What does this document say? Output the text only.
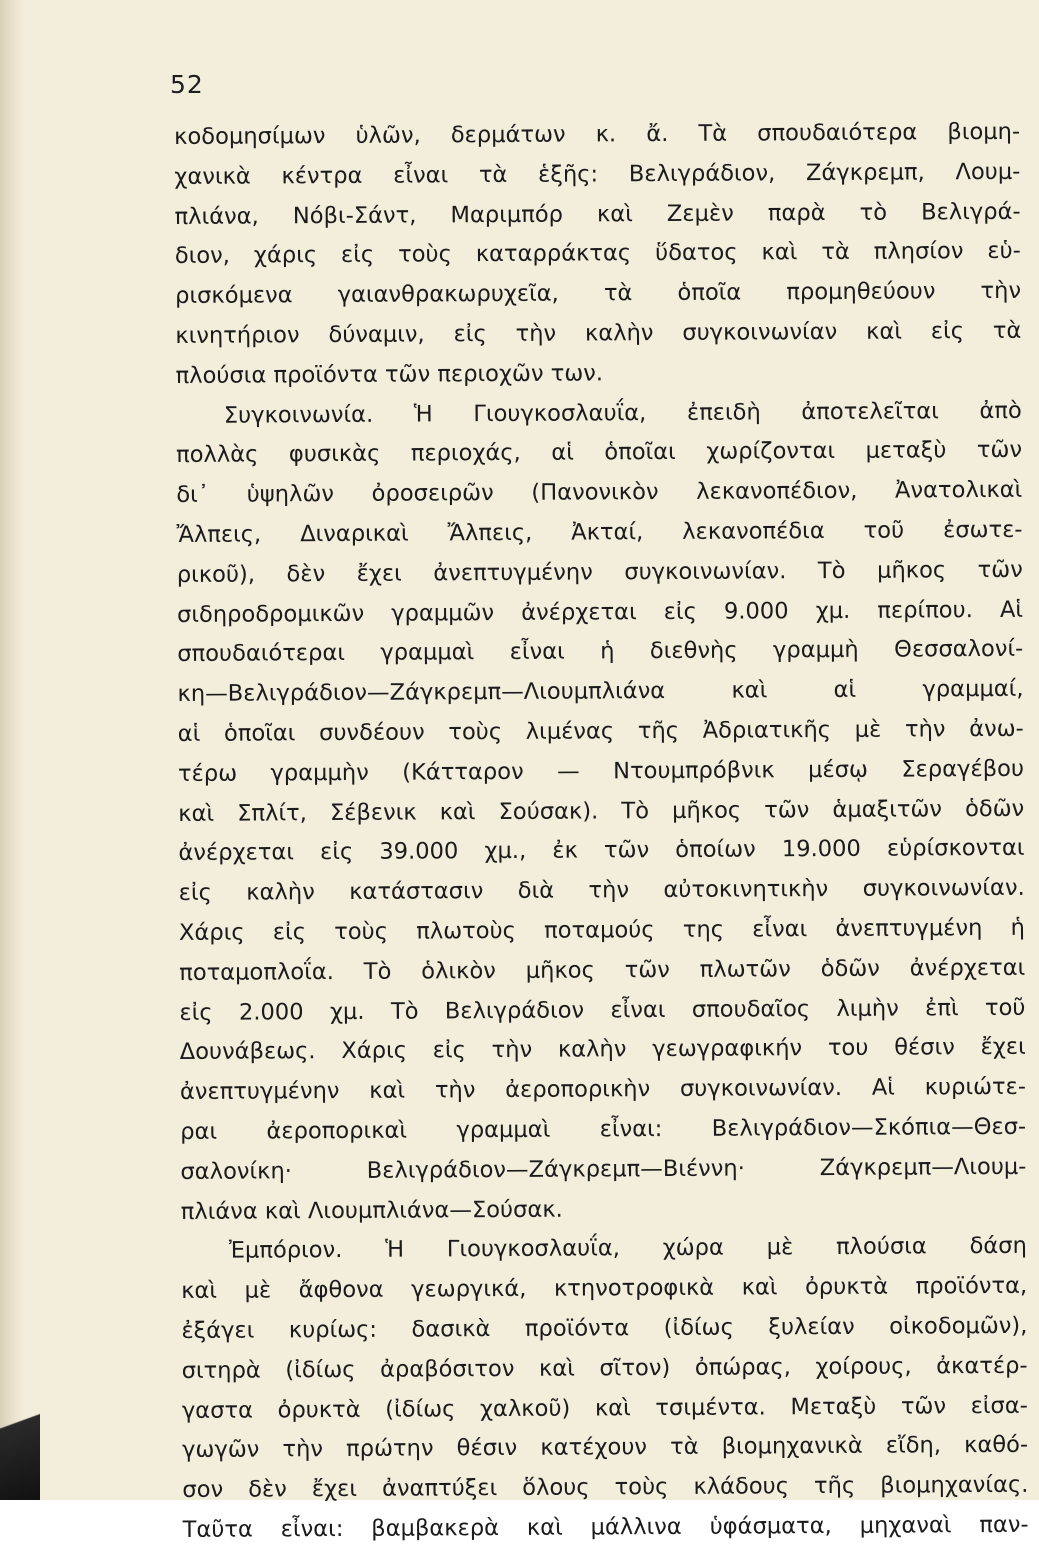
52
κοδομησίμων ὑλῶν, δερμάτων κ. ἄ. Τὰ σπουδαιότερα βιομη-
χανικὰ κέντρα εἶναι τὰ ἑξῆς: Βελιγράδιον, Ζάγκρεμπ, Λουμ-
πλιάνα, Νόβι-Σάντ, Μαριμπόρ καὶ Ζεμὲν παρὰ τὸ Βελιγρά-
διον, χάρις εἰς τοὺς καταρράκτας ὕδατος καὶ τὰ πλησίον εὑ-
ρισκόμενα γαιανθρακωρυχεῖα, τὰ ὁποῖα προμηθεύουν τὴν
κινητήριον δύναμιν, εἰς τὴν καλὴν συγκοινωνίαν καὶ εἰς τὰ
πλούσια προϊόντα τῶν περιοχῶν των.
Συγκοινωνία. Ἡ Γιουγκοσλαυΐα, ἐπειδὴ ἀποτελεῖται ἀπὸ
πολλὰς φυσικὰς περιοχάς, αἱ ὁποῖαι χωρίζονται μεταξὺ τῶν
δι᾽ ὑψηλῶν ὀροσειρῶν (Πανονικὸν λεκανοπέδιον, Ἀνατολικαὶ
Ἄλπεις, Διναρικαὶ Ἄλπεις, Ἀκταί, λεκανοπέδια τοῦ ἐσωτε-
ρικοῦ), δὲν ἔχει ἀνεπτυγμένην συγκοινωνίαν. Τὸ μῆκος τῶν
σιδηροδρομικῶν γραμμῶν ἀνέρχεται εἰς 9.000 χμ. περίπου. Αἱ
σπουδαιότεραι γραμμαὶ εἶναι ἡ διεθνὴς γραμμὴ Θεσσαλονί-
κη—Βελιγράδιον—Ζάγκρεμπ—Λιουμπλιάνα καὶ αἱ γραμμαί,
αἱ ὁποῖαι συνδέουν τοὺς λιμένας τῆς Ἀδριατικῆς μὲ τὴν ἀνω-
τέρω γραμμὴν (Κάτταρον — Ντουμπρόβνικ μέσῳ Σεραγέβου
καὶ Σπλίτ, Σέβενικ καὶ Σούσακ). Τὸ μῆκος τῶν ἁμαξιτῶν ὁδῶν
ἀνέρχεται εἰς 39.000 χμ., ἐκ τῶν ὁποίων 19.000 εὑρίσκονται
εἰς καλὴν κατάστασιν διὰ τὴν αὐτοκινητικὴν συγκοινωνίαν.
Χάρις εἰς τοὺς πλωτοὺς ποταμούς της εἶναι ἀνεπτυγμένη ἡ
ποταμοπλοΐα. Τὸ ὁλικὸν μῆκος τῶν πλωτῶν ὁδῶν ἀνέρχεται
εἰς 2.000 χμ. Τὸ Βελιγράδιον εἶναι σπουδαῖος λιμὴν ἐπὶ τοῦ
Δουνάβεως. Χάρις εἰς τὴν καλὴν γεωγραφικήν του θέσιν ἔχει
ἀνεπτυγμένην καὶ τὴν ἀεροπορικὴν συγκοινωνίαν. Αἱ κυριώτε-
ραι ἀεροπορικαὶ γραμμαὶ εἶναι: Βελιγράδιον—Σκόπια—Θεσ-
σαλονίκη· Βελιγράδιον—Ζάγκρεμπ—Βιέννη· Ζάγκρεμπ—Λιουμ-
πλιάνα καὶ Λιουμπλιάνα—Σούσακ.
Ἐμπόριον. Ἡ Γιουγκοσλαυΐα, χώρα μὲ πλούσια δάση
καὶ μὲ ἄφθονα γεωργικά, κτηνοτροφικὰ καὶ ὀρυκτὰ προϊόντα,
ἐξάγει κυρίως: δασικὰ προϊόντα (ἰδίως ξυλείαν οἰκοδομῶν),
σιτηρὰ (ἰδίως ἀραβόσιτον καὶ σῖτον) ὀπώρας, χοίρους, ἀκατέρ-
γαστα ὀρυκτὰ (ἰδίως χαλκοῦ) καὶ τσιμέντα. Μεταξὺ τῶν εἰσα-
γωγῶν τὴν πρώτην θέσιν κατέχουν τὰ βιομηχανικὰ εἴδη, καθό-
σον δὲν ἔχει ἀναπτύξει ὅλους τοὺς κλάδους τῆς βιομηχανίας.
Ταῦτα εἶναι: βαμβακερὰ καὶ μάλλινα ὑφάσματα, μηχαναὶ παν-
